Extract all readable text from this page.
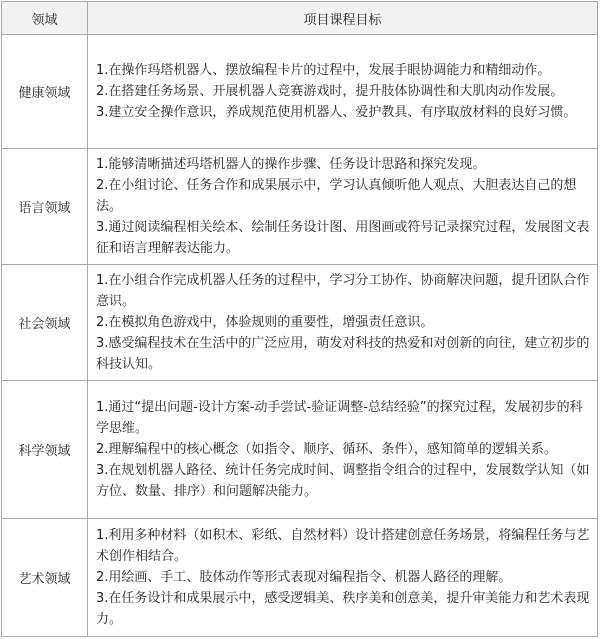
领域	项目课程目标
健康领域	1.在操作玛塔机器人、摆放编程卡片的过程中，发展手眼协调能力和精细动作。

2.在搭建任务场景、开展机器人竞赛游戏时，提升肢体协调性和大肌肉动作发展。

3.建立安全操作意识，养成规范使用机器人、爱护教具、有序取放材料的良好习惯。

语言领域	1.能够清晰描述玛塔机器人的操作步骤、任务设计思路和探究发现。

2.在小组讨论、任务合作和成果展示中，学习认真倾听他人观点、大胆表达自己的想法。

3.通过阅读编程相关绘本、绘制任务设计图、用图画或符号记录探究过程，发展图文表征和语言理解表达能力。

社会领域	1.在小组合作完成机器人任务的过程中，学习分工协作、协商解决问题，提升团队合作意识。

2.在模拟角色游戏中，体验规则的重要性，增强责任意识。

3.感受编程技术在生活中的广泛应用，萌发对科技的热爱和对创新的向往，建立初步的科技认知。

科学领域	1.通过“提出问题-设计方案-动手尝试-验证调整-总结经验”的探究过程，发展初步的科学思维。

2.理解编程中的核心概念（如指令、顺序、循环、条件），感知简单的逻辑关系。

3.在规划机器人路径、统计任务完成时间、调整指令组合的过程中，发展数学认知（如方位、数量、排序）和问题解决能力。

艺术领域	1.利用多种材料（如积木、彩纸、自然材料）设计搭建创意任务场景，将编程任务与艺术创作相结合。

2.用绘画、手工、肢体动作等形式表现对编程指令、机器人路径的理解。

3.在任务设计和成果展示中，感受逻辑美、秩序美和创意美，提升审美能力和艺术表现力。
